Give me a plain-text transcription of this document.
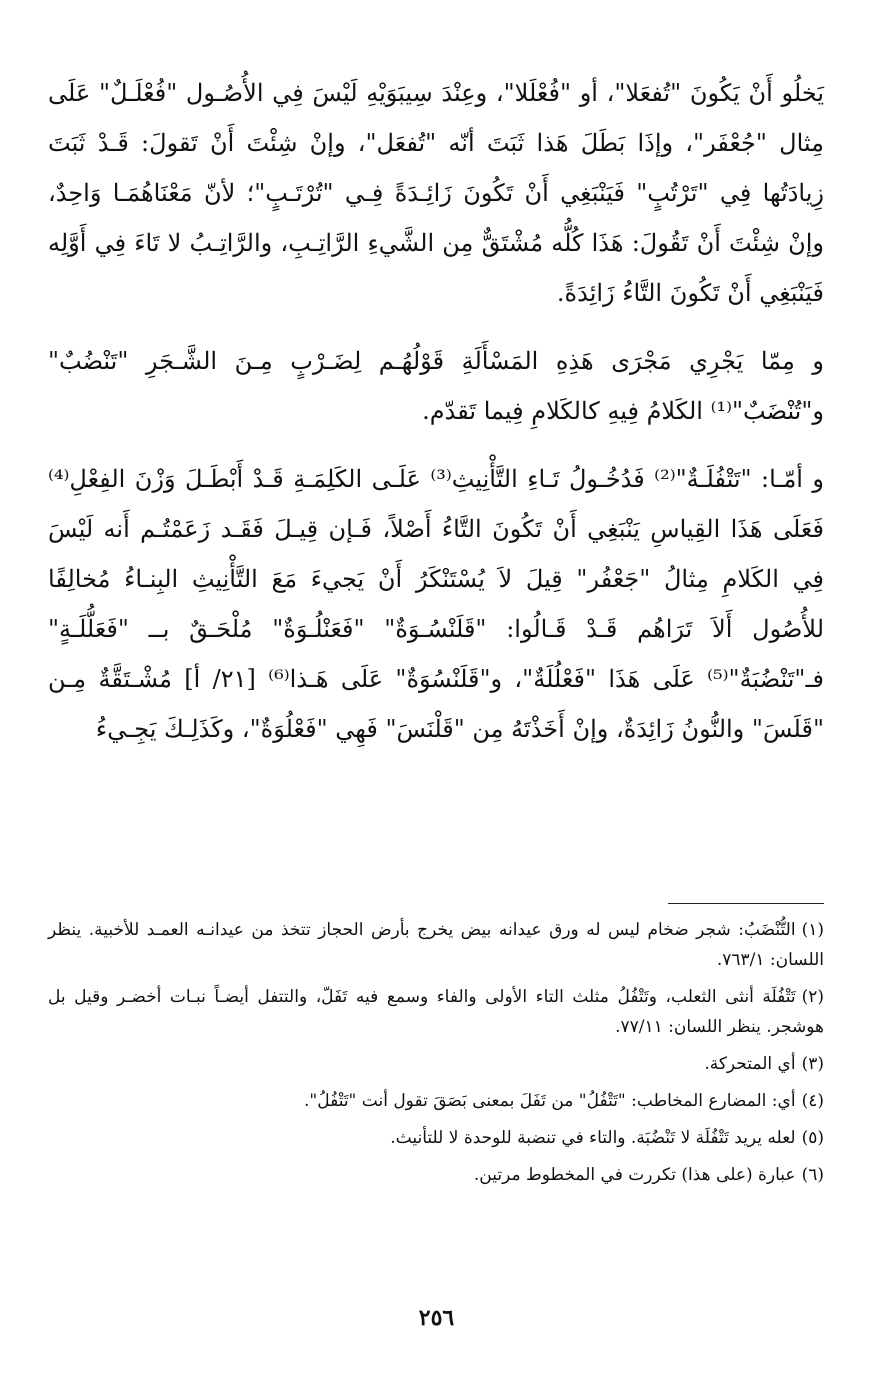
يَخلُو أَنْ يَكُونَ "تُفعَلا"، أو "فُعْلَلا"، وعِنْدَ سِيبَوَيْهِ لَيْسَ فِي الأُصُـول "فُعْلَـلٌ" عَلَى مِثال "جُعْفَر"، وإذَا بَطَلَ هَذا ثَبَتَ أنّه "تُفعَل"، وإنْ شِئْتَ أَنْ تَقولَ: قَـدْ ثَبَتَ زِيادَتُها فِي "تَرْتُبٍ" فَيَنْبَغِي أَنْ تَكُونَ زَائِـدَةً فِـي "تُرْتَـبٍ"؛ لأنّ مَعْنَاهُمَـا وَاحِدٌ، وإنْ شِئْتَ أَنْ تَقُولَ: هَذَا كُلُّه مُشْتَقٌّ مِن الشَّيءِ الرَّاتِـبِ، والرَّاتِـبُ لا تَاءَ فِي أَوَّلِه فَيَنْبَغِي أَنْ تَكُونَ التَّاءُ زَائِدَةً.

و مِمّا يَجْرِي مَجْرَى هَذِهِ المَسْأَلَةِ قَوْلُهُـم لِضَـرْبٍ مِـنَ الشَّـجَرِ "تَنْضُبٌ" و"تُنْضَبٌ"⁽¹⁾ الكَلامُ فِيهِ كالكَلامِ فِيما تَقدّم.

و أمّـا: "تَتْفُلَـةٌ"⁽²⁾ فَدُخُـولُ تَـاءِ التَّأْنِيثِ⁽³⁾ عَلَـى الكَلِمَـةِ قَـدْ أَبْطَـلَ وَزْنَ الفِعْلِ⁽⁴⁾ فَعَلَى هَذَا القِياسِ يَنْبَغِي أَنْ تَكُونَ التَّاءُ أَصْلاً، فَـإن قِيـلَ فَقَـد زَعَمْتُـم أَنه لَيْسَ فِي الكَلامِ مِثالُ "جَعْفُر" قِيلَ لاَ يُسْتَنْكَرُ أَنْ يَجيءَ مَعَ التَّأْنِيثِ البِنـاءُ مُخالِفًا للأُصُول أَلاَ تَرَاهُم قَـدْ قَـالُوا: "قَلَنْسُـوَةٌ" "فَعَنْلُـوَةٌ" مُلْحَـقٌ بــ "فَعَلُّلَـةٍ" فـ"تَنْضُبَةٌ"⁽⁵⁾ عَلَى هَذَا "فَعْلُلَةٌ"، و"قَلَنْسُوَةٌ" عَلَى هَـذا⁽⁶⁾ [٢١/ أ] مُشْـتَقَّةٌ مِـن "قَلَسَ" والنُّونُ زَائِدَةٌ، وإنْ أَخَذْتَهُ مِن "قَلْنَسَ" فَهِي "فَعْلُوَةٌ"، وكَذَلِـكَ يَجِـيءُ

(١)التُّنْضَبُ: شجر ضخام ليس له ورق عيدانه بيض يخرج بأرض الحجاز تتخذ من عيدانـه العمـد للأخبية. ينظر اللسان: ٧٦٣/١.

(٢)تَتْفُلَة أنثى الثعلب، وتَتْفُلُ مثلث التاء الأولى والفاء وسمع فيه تَفَلّ، والتتفل أيضـاً نبـات أخضـر وقيل بل هوشجر. ينظر اللسان: ٧٧/١١.

(٣)أي المتحركة.

(٤)أي: المضارع المخاطب: "تَتْفُلُ" من تَفَلَ بمعنى بَصَقَ تقول أنت "تَتْفُلُ".

(٥)لعله يريد تَتْفُلَة لا تَنْضُبَة. والتاء في تنضبة للوحدة لا للتأنيث.

(٦)عبارة (على هذا) تكررت في المخطوط مرتين.

٢٥٦
